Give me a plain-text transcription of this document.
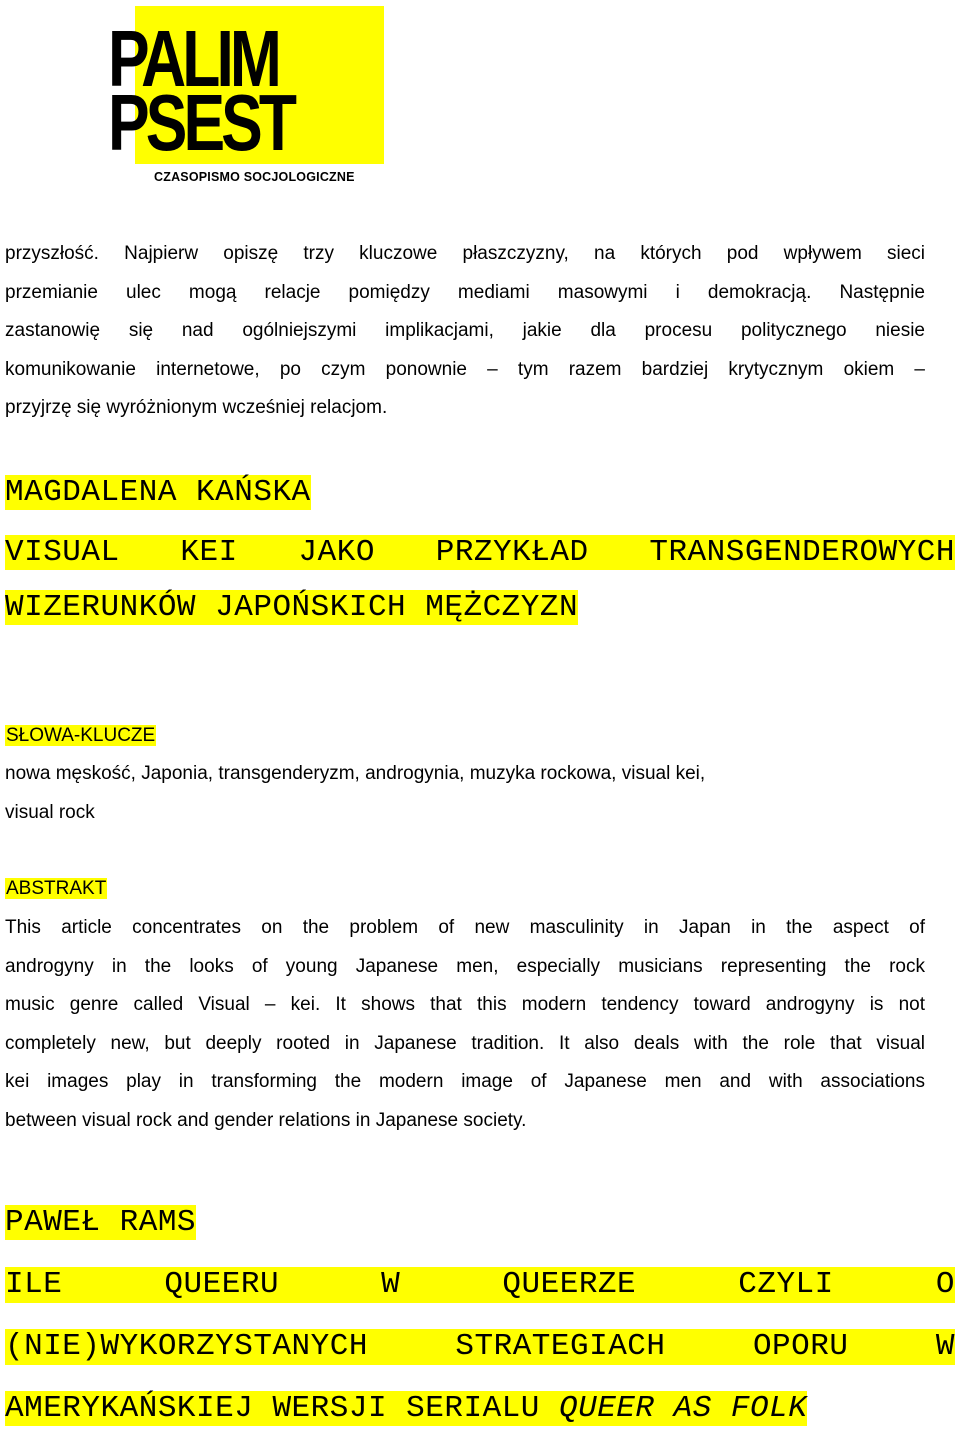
PALIM
PSEST
CZASOPISMO SOCJOLOGICZNE
przyszłość. Najpierw opiszę trzy kluczowe płaszczyzny, na których pod wpływem sieci
przemianie ulec mogą relacje pomiędzy mediami masowymi i demokracją. Następnie
zastanowię się nad ogólniejszymi implikacjami, jakie dla procesu politycznego niesie
komunikowanie internetowe, po czym ponownie – tym razem bardziej krytycznym okiem –
przyjrzę się wyróżnionym wcześniej relacjom.
MAGDALENA KAŃSKA
VISUAL KEI JAKO PRZYKŁAD TRANSGENDEROWYCH
WIZERUNKÓW JAPOŃSKICH MĘŻCZYZN
SŁOWA-KLUCZE
nowa męskość, Japonia, transgenderyzm, androgynia, muzyka rockowa, visual kei,
visual rock
ABSTRAKT
This article concentrates on the problem of new masculinity in Japan in the aspect of
androgyny in the looks of young Japanese men, especially musicians representing the rock
music genre called Visual – kei. It shows that this modern tendency toward androgyny is not
completely new, but deeply rooted in Japanese tradition. It also deals with the role that visual
kei images play in transforming the modern image of Japanese men and with associations
between visual rock and gender relations in Japanese society.
PAWEŁ RAMS
ILE QUEERU W QUEERZE CZYLI O
(NIE)WYKORZYSTANYCH STRATEGIACH OPORU W
AMERYKAŃSKIEJ WERSJI SERIALU QUEER AS FOLK
